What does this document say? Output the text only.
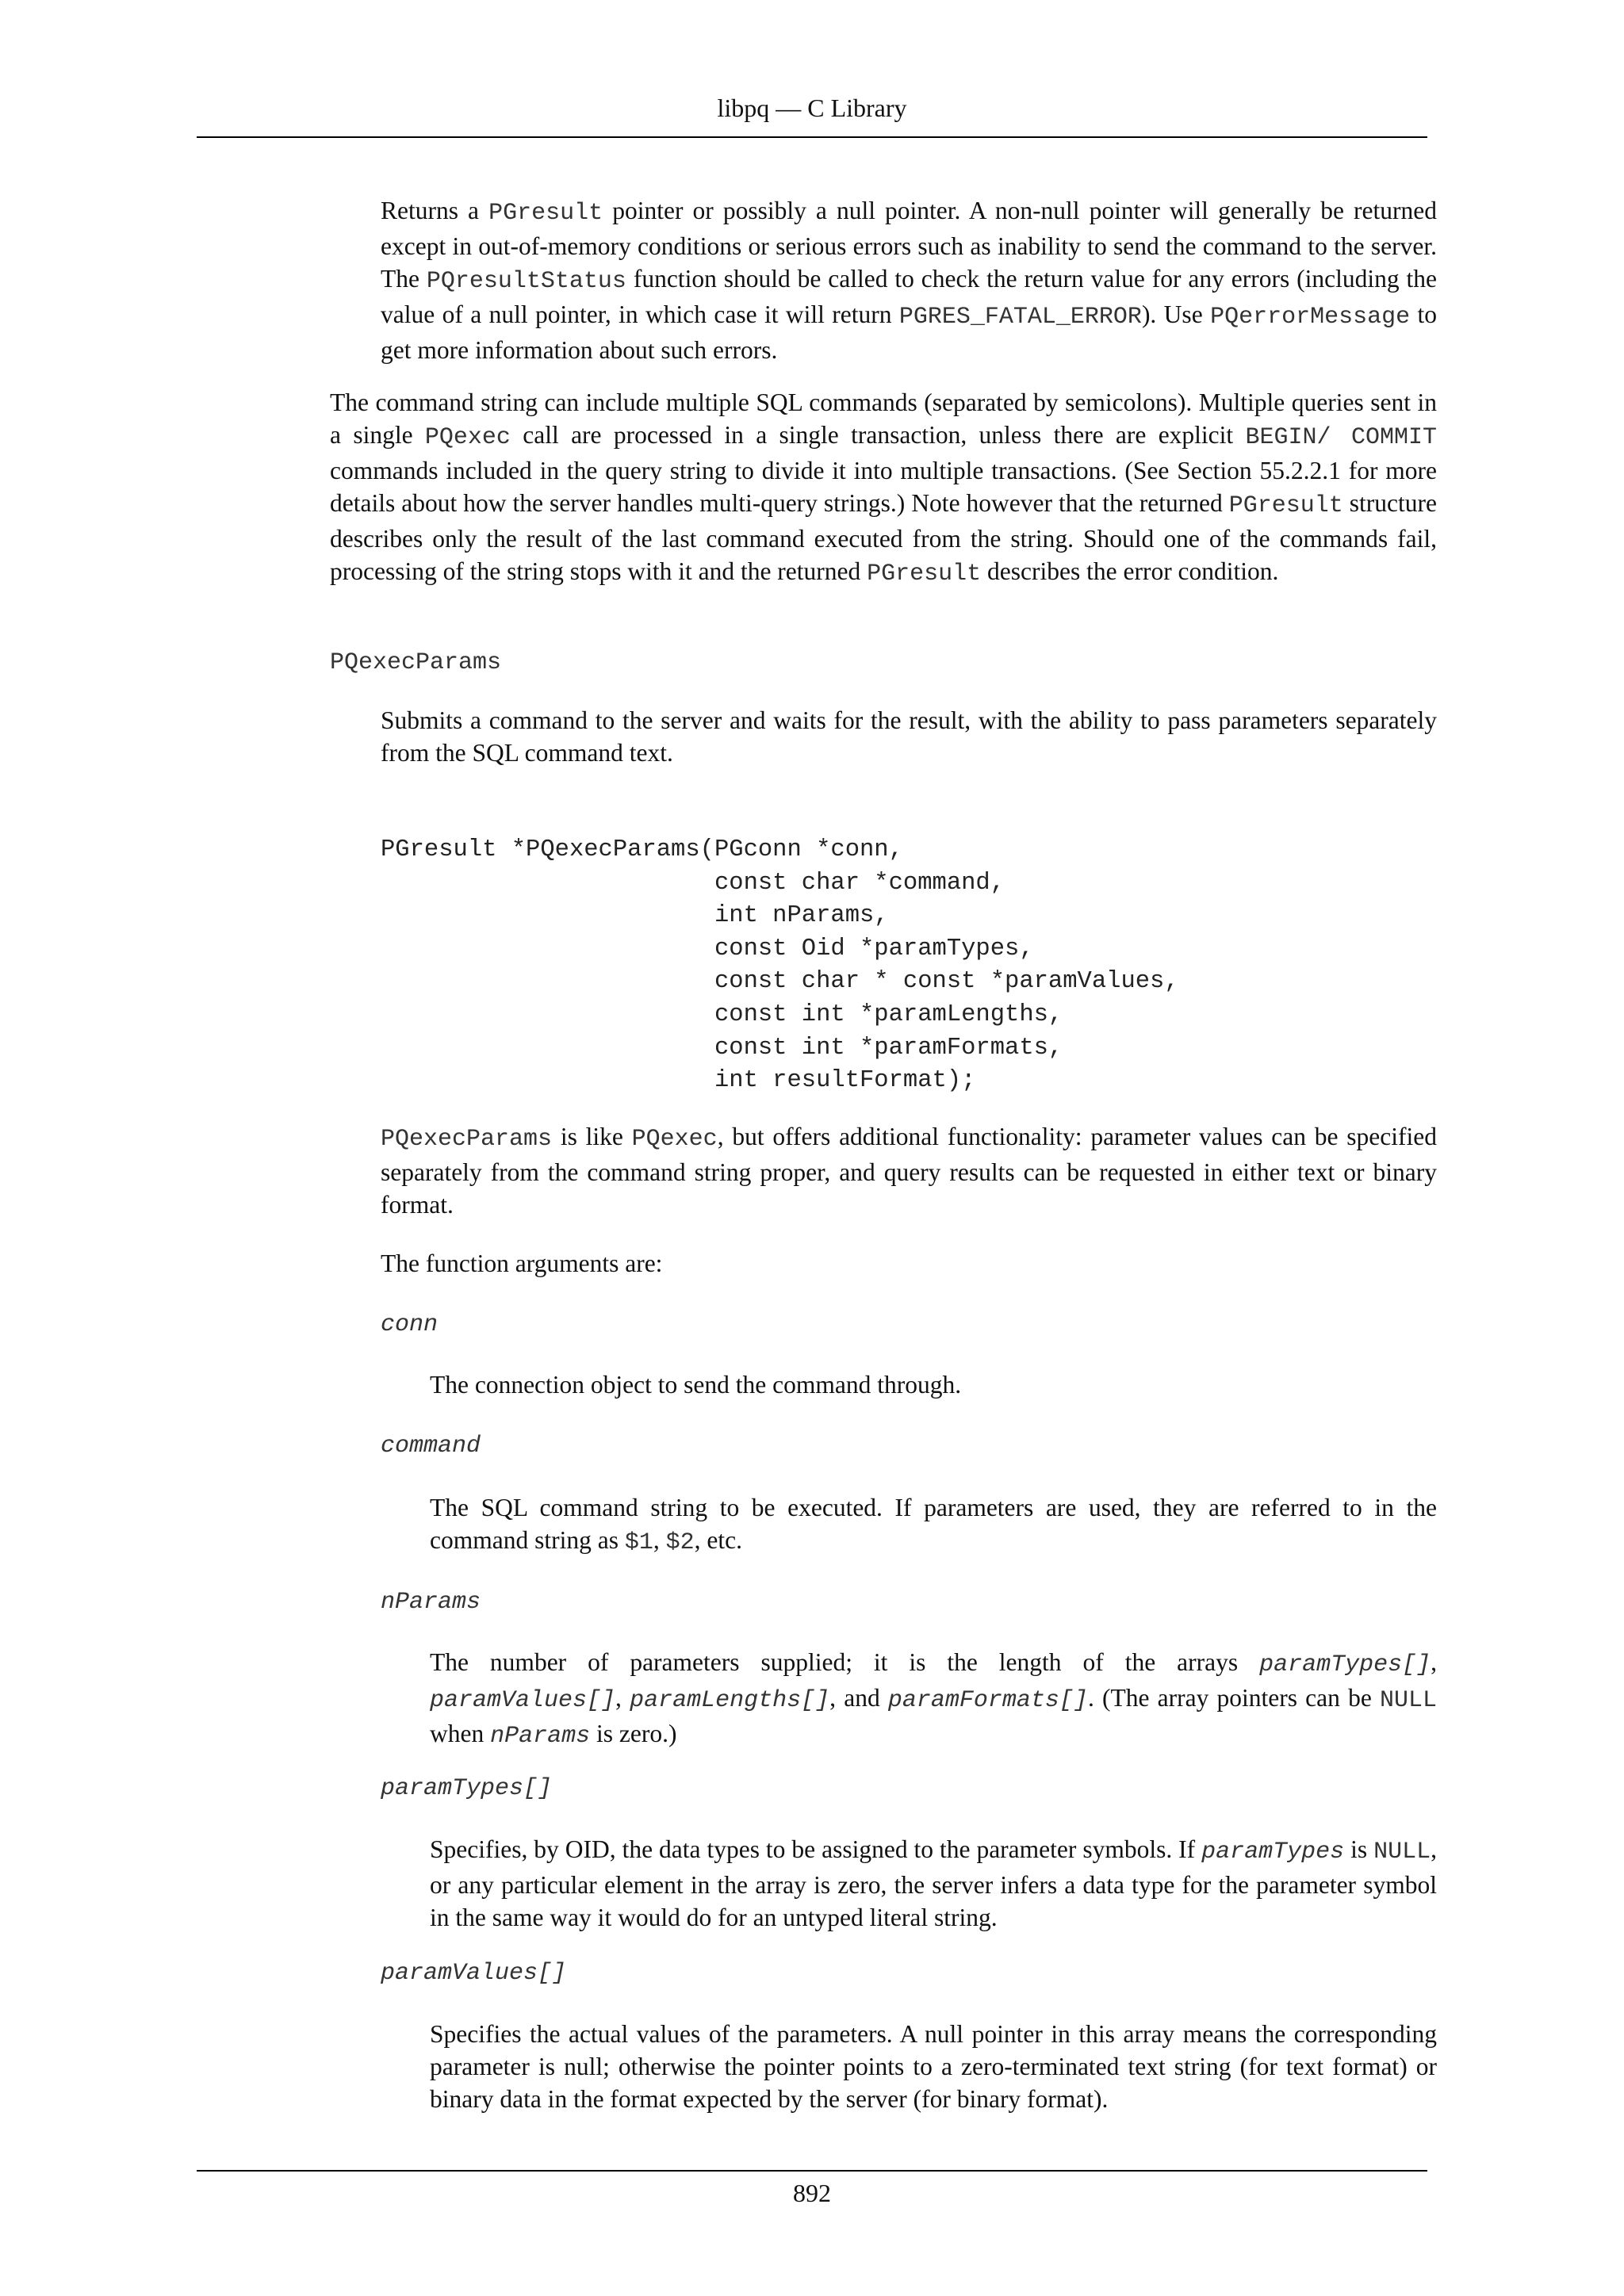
libpq — C Library

Returns a PGresult pointer or possibly a null pointer. A non-null pointer will generally be returned except in out-of-memory conditions or serious errors such as inability to send the command to the server. The PQresultStatus function should be called to check the return value for any errors (including the value of a null pointer, in which case it will return PGRES_FATAL_ERROR). Use PQerrorMessage to get more information about such errors.

The command string can include multiple SQL commands (separated by semicolons). Multiple queries sent in a single PQexec call are processed in a single transaction, unless there are explicit BEGIN/ COMMIT commands included in the query string to divide it into multiple transactions. (See Section 55.2.2.1 for more details about how the server handles multi-query strings.) Note however that the returned PGresult structure describes only the result of the last command executed from the string. Should one of the commands fail, processing of the string stops with it and the returned PGresult describes the error condition.

PQexecParams

Submits a command to the server and waits for the result, with the ability to pass parameters separately from the SQL command text.

PGresult *PQexecParams(PGconn *conn,
const char *command,
int nParams,
const Oid *paramTypes,
const char * const *paramValues,
const int *paramLengths,
const int *paramFormats,
int resultFormat);

PQexecParams is like PQexec, but offers additional functionality: parameter values can be specified separately from the command string proper, and query results can be requested in either text or binary format.

The function arguments are:

conn

The connection object to send the command through.

command

The SQL command string to be executed. If parameters are used, they are referred to in the command string as $1, $2, etc.

nParams

The number of parameters supplied; it is the length of the arrays paramTypes[], paramValues[], paramLengths[], and paramFormats[]. (The array pointers can be NULL when nParams is zero.)

paramTypes[]

Specifies, by OID, the data types to be assigned to the parameter symbols. If paramTypes is NULL, or any particular element in the array is zero, the server infers a data type for the parameter symbol in the same way it would do for an untyped literal string.

paramValues[]

Specifies the actual values of the parameters. A null pointer in this array means the corresponding parameter is null; otherwise the pointer points to a zero-terminated text string (for text format) or binary data in the format expected by the server (for binary format).

892
